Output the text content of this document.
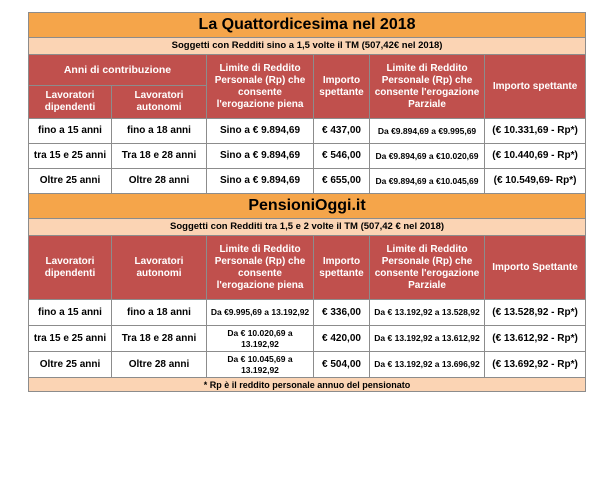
La Quattordicesima nel 2018					
Soggetti con Redditi sino a 1,5 volte il TM (507,42€ nel 2018)					
Anni di contribuzione		Limite di Reddito Personale (Rp) che consente l'erogazione piena	Importo spettante	Limite di Reddito Personale (Rp) che consente l'erogazione Parziale	Importo spettante
Lavoratori dipendenti	Lavoratori autonomi				
fino a 15 anni	fino a 18 anni	Sino a € 9.894,69	€ 437,00	Da €9.894,69 a €9.995,69	(€ 10.331,69 - Rp*)
tra 15 e 25 anni	Tra 18 e 28 anni	Sino a € 9.894,69	€ 546,00	Da €9.894,69 a €10.020,69	(€ 10.440,69 - Rp*)
Oltre 25 anni	Oltre 28 anni	Sino a € 9.894,69	€ 655,00	Da €9.894,69 a €10.045,69	(€ 10.549,69- Rp*)
PensioniOggi.it					
Soggetti con Redditi tra 1,5 e 2 volte il TM (507,42 € nel 2018)					
Lavoratori dipendenti	Lavoratori autonomi	Limite di Reddito Personale (Rp) che consente l'erogazione piena	Importo spettante	Limite di Reddito Personale (Rp) che consente l'erogazione Parziale	Importo Spettante
fino a 15 anni	fino a 18 anni	Da €9.995,69 a 13.192,92	€ 336,00	Da € 13.192,92 a 13.528,92	(€ 13.528,92 - Rp*)
tra 15 e 25 anni	Tra 18 e 28 anni	Da € 10.020,69 a 13.192,92	€ 420,00	Da € 13.192,92 a 13.612,92	(€ 13.612,92 - Rp*)
Oltre 25 anni	Oltre 28 anni	Da € 10.045,69 a 13.192,92	€ 504,00	Da € 13.192,92 a 13.696,92	(€ 13.692,92 - Rp*)
* Rp è il reddito personale annuo del pensionato					
